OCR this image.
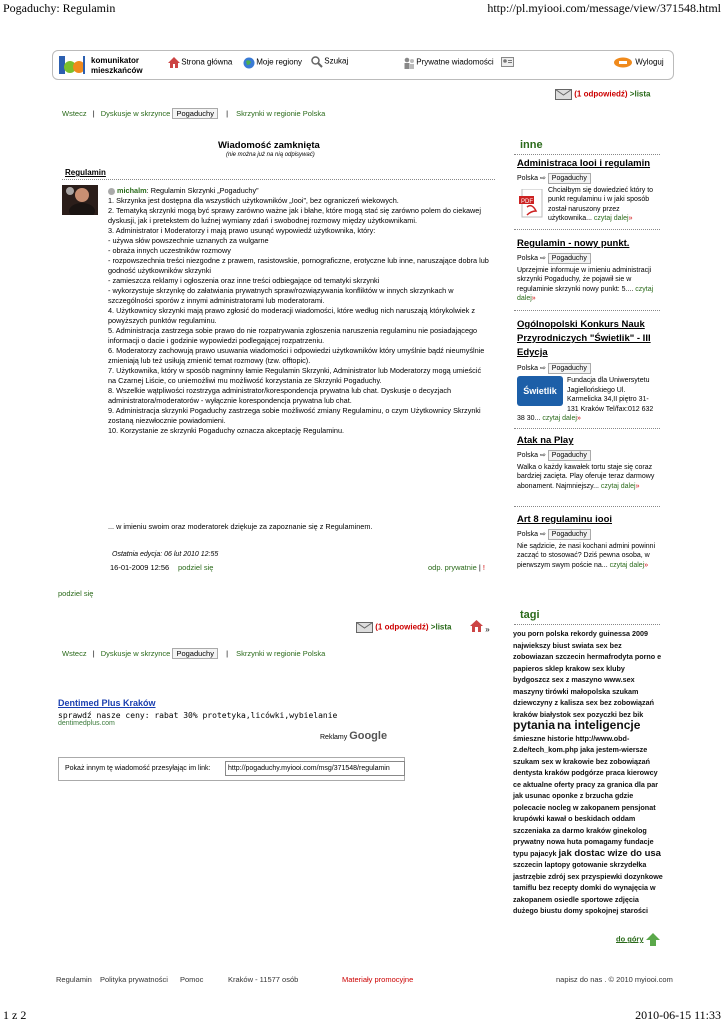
Pogaduchy: Regulamin	http://pl.myiooi.com/message/view/371548.html
komunikator
mieszkańców
Strona główna	Moje regiony	Szukaj	Prywatne wiadomości	Wyloguj
(1 odpowiedź) >lista
Wstecz | Dyskusje w skrzynce Pogaduchy | Skrzynki w regionie Polska
Wiadomość zamknięta
(nie można już na nią odpisywać)
Regulamin
michalm: Regulamin Skrzynki „Pogaduchy”
1. Skrzynka jest dostępna dla wszystkich użytkowników „Iooi”, bez ograniczeń wiekowych.
2. Tematyką skrzynki mogą być sprawy zarówno ważne jak i błahe, które mogą stać się zarówno polem do ciekawej dyskusji, jak i pretekstem do luźnej wymiany zdań i swobodnej rozmowy między użytkownikami.
3. Administrator i Moderatorzy i mają prawo usunąć wypowiedź użytkownika, który:
- używa słów powszechnie uznanych za wulgarne
- obraża innych uczestników rozmowy
- rozpowszechnia treści niezgodne z prawem, rasistowskie, pornograficzne, erotyczne lub inne, naruszające dobra lub godność użytkowników skrzynki
- zamieszcza reklamy i ogłoszenia oraz inne treści odbiegające od tematyki skrzynki
- wykorzystuje skrzynkę do załatwiania prywatnych spraw/rozwiązywania konfliktów w innych skrzynkach w szczególności sporów z innymi administratorami lub moderatorami.
4. Użytkownicy skrzynki mają prawo zgłosić do moderacji wiadomości, które według nich naruszają którykolwiek z powyższych punktów regulaminu.
5. Administracja zastrzega sobie prawo do nie rozpatrywania zgłoszenia naruszenia regulaminu nie posiadającego informacji o dacie i godzinie wypowiedzi podlegającej rozpatrzeniu.
6. Moderatorzy zachowują prawo usuwania wiadomości i odpowiedzi użytkowników który umyślnie bądź nieumyślnie zmieniają lub też usiłują zmienić temat rozmowy (tzw. offtopic).
7. Użytkownika, który w sposób nagminny łamie Regulamin Skrzynki, Administrator lub Moderatorzy mogą umieścić na Czarnej Liście, co uniemożliwi mu możliwość korzystania ze Skrzynki Pogaduchy.
8. Wszelkie wątpliwości rozstrzyga administrator/korespondencja prywatna lub chat. Dyskusje o decyzjach administratora/moderatorów - wyłącznie korespondencja prywatna lub chat.
9. Administracja skrzynki Pogaduchy zastrzega sobie możliwość zmiany Regulaminu, o czym Użytkownicy Skrzynki zostaną niezwłocznie powiadomieni.
10. Korzystanie ze skrzynki Pogaduchy oznacza akceptację Regulaminu.
... w imieniu swoim oraz moderatorek dziękuje za zapoznanie się z Regulaminem.
Ostatnia edycja: 06 lut 2010 12:55
16-01-2009 12:56 podziel się	odp. prywatnie | !
podziel się
(1 odpowiedź) >lista	»
Wstecz | Dyskusje w skrzynce Pogaduchy | Skrzynki w regionie Polska
Dentimed Plus Kraków
sprawdź nasze ceny: rabat 30% protetyka,licówki,wybielanie
dentimedplus.com
Reklamy Google
Pokaż innym tę wiadomość przesyłając im link:	http://pogaduchy.myiooi.com/msg/371548/regulamin
inne
Administraca Iooi i regulamin
Polska ⇨ Pogaduchy
PDF
Chciałbym się dowiedzieć który to punkt regulaminu i w jaki sposób został naruszony przez użytkownika... czytaj dalej»
Regulamin - nowy punkt.
Polska ⇨ Pogaduchy
Uprzejmie informuje w imieniu administracji skrzynki Pogaduchy, że pojawił sie w regulaminie skrzynki nowy punkt: 5.... czytaj dalej»
Ogólnopolski Konkurs Nauk Przyrodniczych "Świetlik" - III Edycja
Polska ⇨ Pogaduchy
Świetlik
Fundacja dla Uniwersytetu Jagiellońskiego Ul. Karmelicka 34,II piętro 31-131 Kraków Tel/fax:012 632 38 30... czytaj dalej»
Atak na Play
Polska ⇨ Pogaduchy
Walka o każdy kawałek tortu staje się coraz bardziej zacięta. Play oferuje teraz darmowy abonament. Najmniejszy... czytaj dalej»
Art 8 regulaminu iooi
Polska ⇨ Pogaduchy
Nie sądzicie, że nasi kochani admini powinni zacząć to stosować? Dziś pewna osoba, w pierwszym swym poście na... czytaj dalej»
tagi
you porn polska rekordy guinessa 2009 najwiekszy biust swiata sex bez zobowiazan szczecin hermafrodyta porno e papieros sklep krakow sex kluby bydgoszcz sex z maszyno www.sex maszyny tirówki małopolska szukam dziewczyny z kalisza sex bez zobowiązań kraków białystok sex pozyczki bez bik pytania na inteligencje śmieszne historie http://www.obd-2.de/tech_kom.php jaka jestem-wiersze szukam sex w krakowie bez zobowiązań dentysta kraków podgórze praca kierowcy ce aktualne oferty pracy za granica dla par jak usunac oponke z brzucha gdzie polecacie nocleg w zakopanem pensjonat krupówki kawał o beskidach oddam szczeniaka za darmo kraków ginekolog prywatny nowa huta pomagamy fundacje typu pajacyk jak dostac wize do usa szczecin laptopy gotowanie skrzydełka jastrzębie zdrój sex przyspiewki dozynkowe tamiflu bez recepty domki do wynajęcia w zakopanem osiedle sportowe zdjęcia dużego biustu domy spokojnej starości
do góry
Regulamin Polityka prywatności Pomoc	Kraków - 11577 osób	Materiały promocyjne	napisz do nas . © 2010 myiooi.com
1 z 2	2010-06-15 11:33
